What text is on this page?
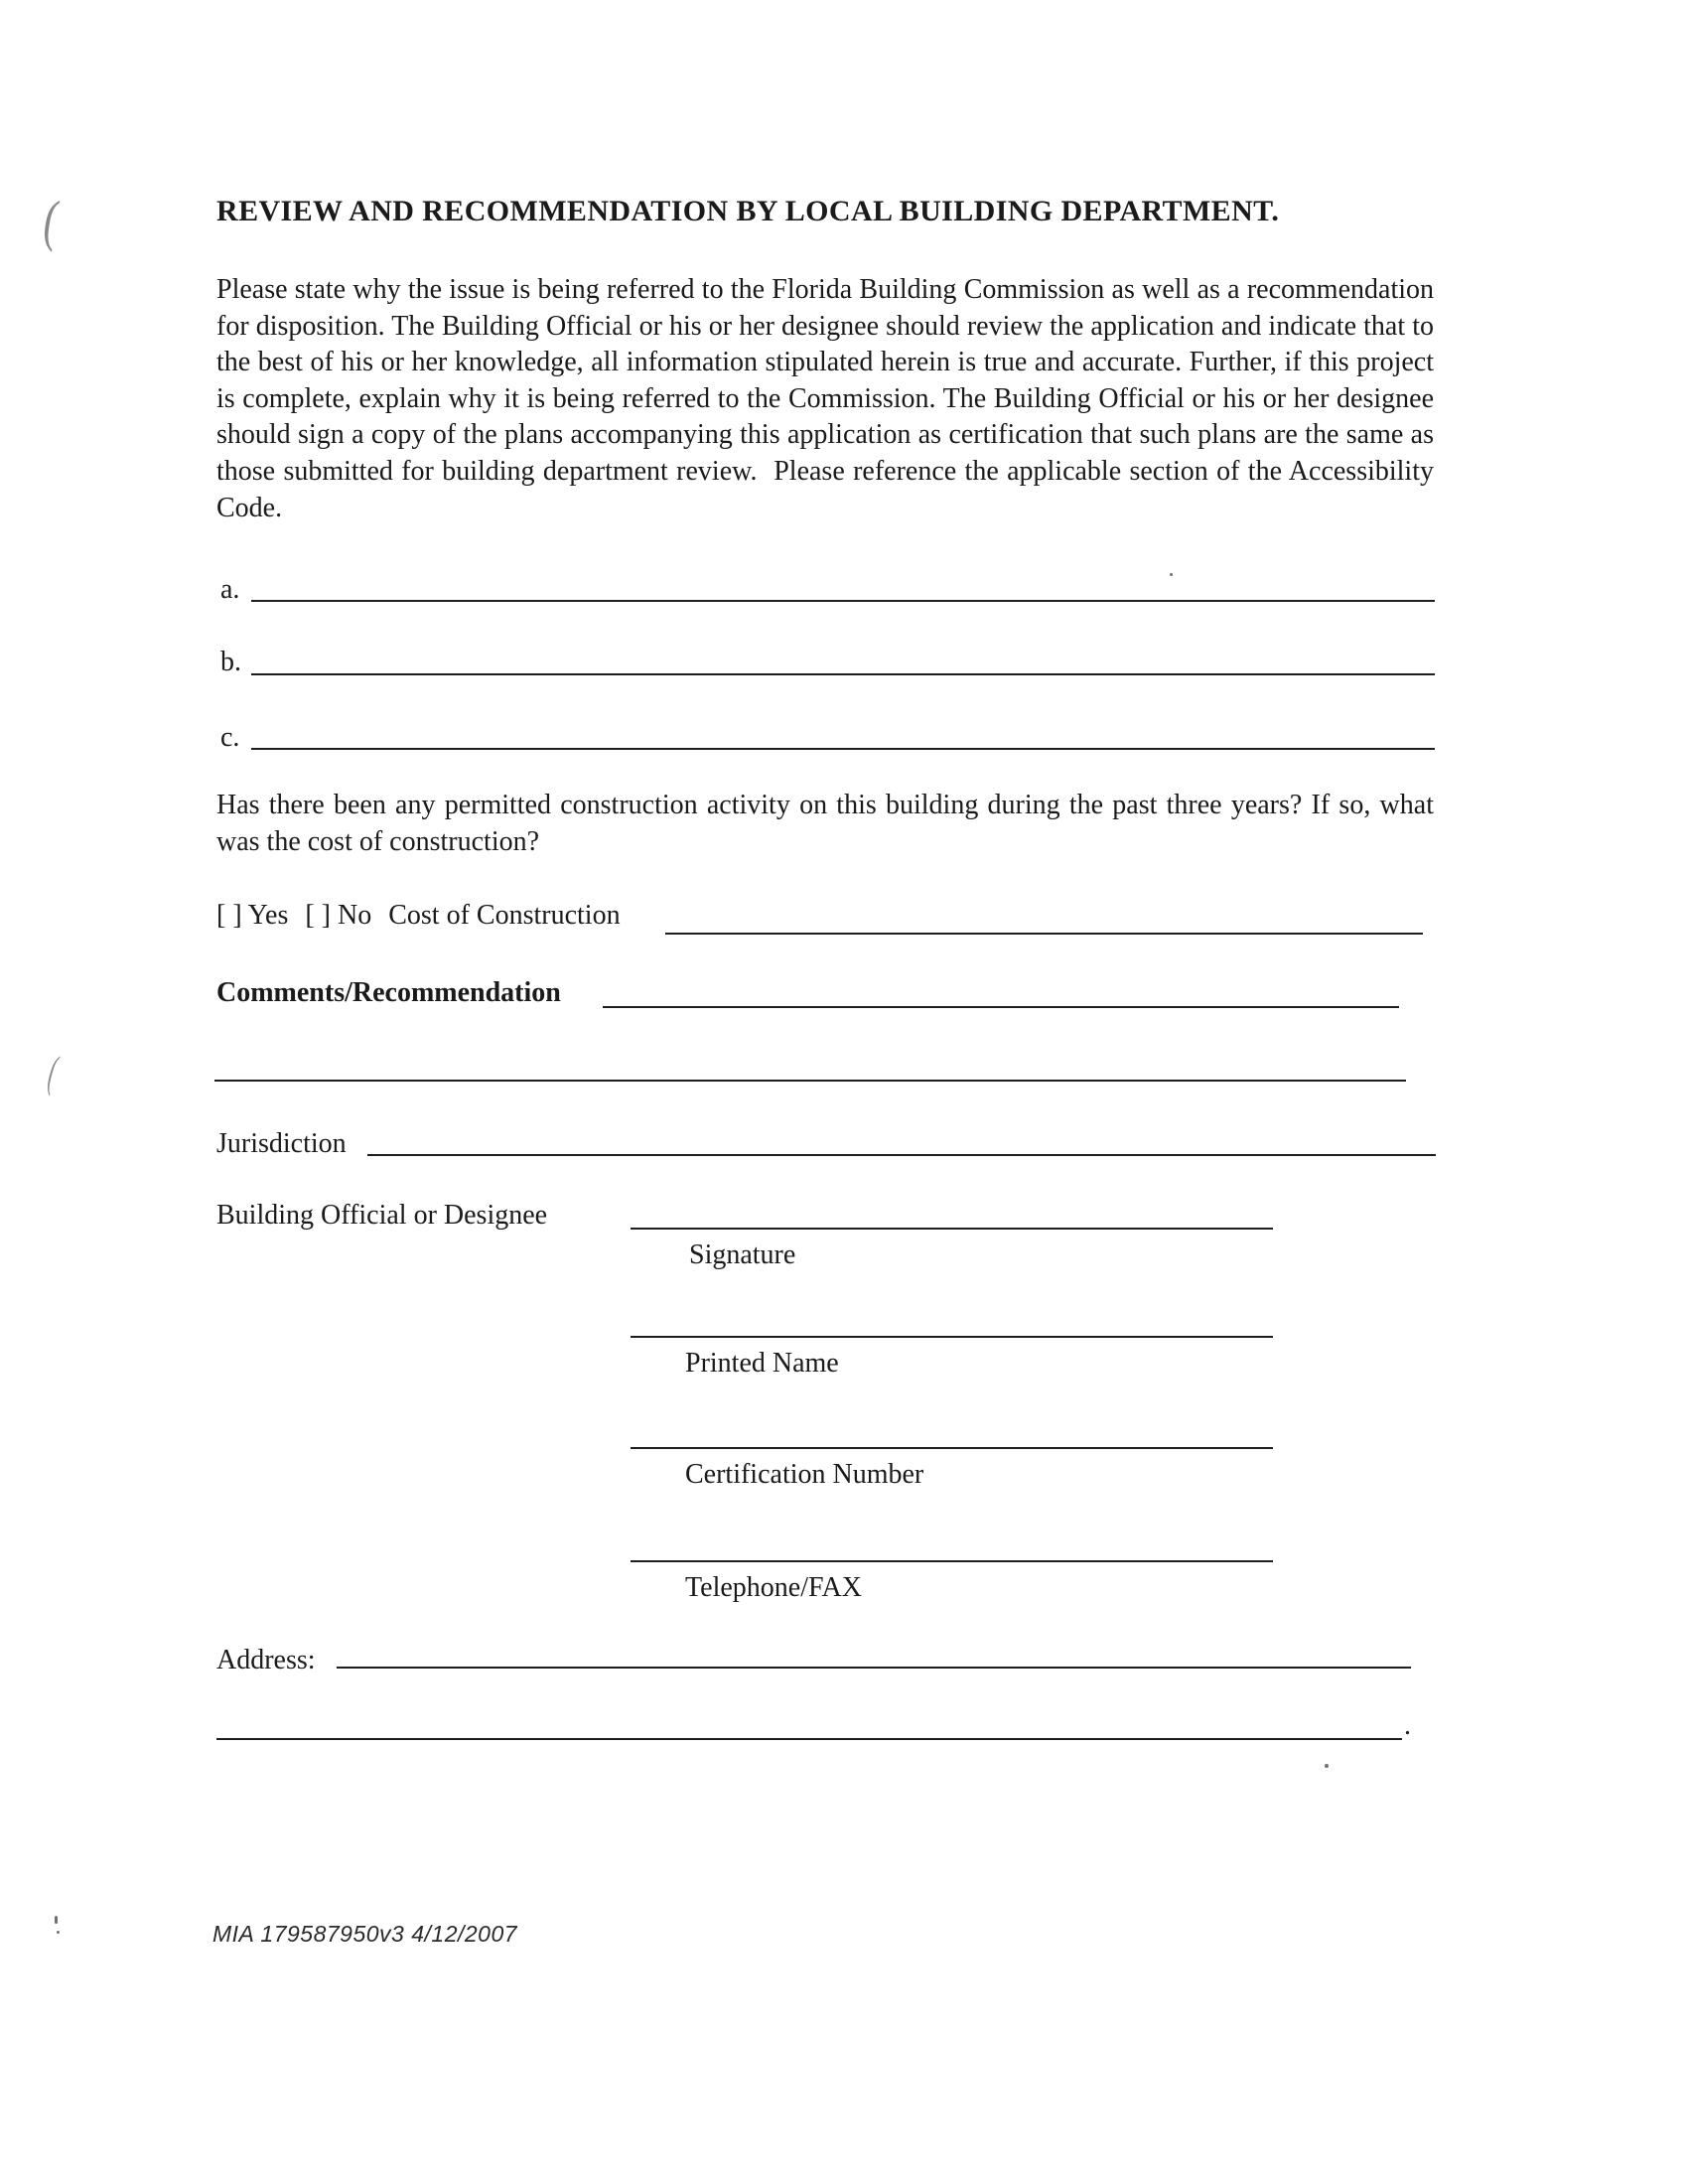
(
(
REVIEW AND RECOMMENDATION BY LOCAL BUILDING DEPARTMENT.
Please state why the issue is being referred to the Florida Building Commission as well as a recommendation for disposition. The Building Official or his or her designee should review the application and indicate that to the best of his or her knowledge, all information stipulated herein is true and accurate. Further, if this project is complete, explain why it is being referred to the Commission. The Building Official or his or her designee should sign a copy of the plans accompanying this application as certification that such plans are the same as those submitted for building department review.  Please reference the applicable section of the Accessibility Code.
a.
b.
c.
Has there been any permitted construction activity on this building during the past three years? If so, what was the cost of construction?
[ ] Yes [ ] No Cost of Construction
Comments/Recommendation
Jurisdiction
Building Official or Designee
Signature
Printed Name
Certification Number
Telephone/FAX
Address:
.
MIA 179587950v3 4/12/2007
